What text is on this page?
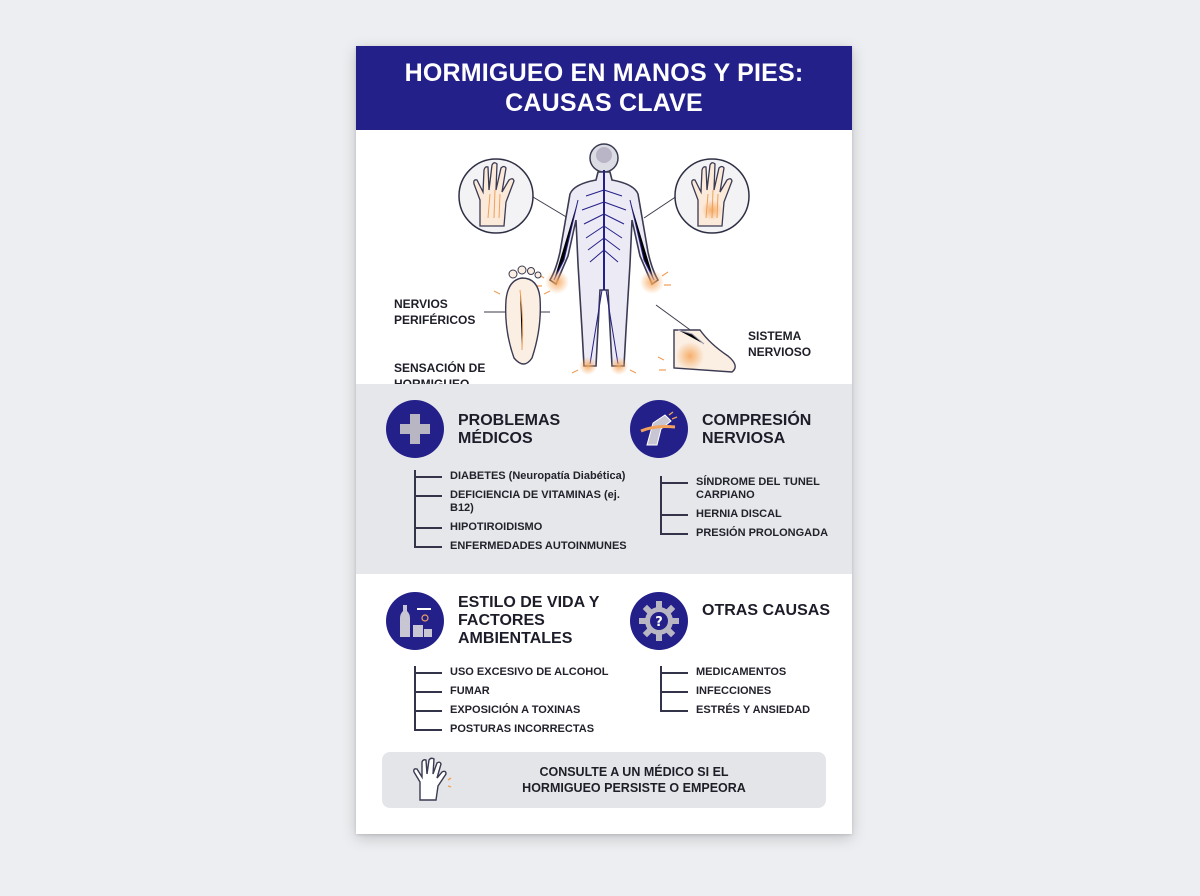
HORMIGUEO EN MANOS Y PIES:
CAUSAS CLAVE
NERVIOS PERIFÉRICOS
SISTEMA NERVIOSO
SENSACIÓN DE
PROBLEMAS MÉDICOS
DIABETES (Neuropatía Diabética)
DEFICIENCIA DE VITAMINAS (ej. B12)
HIPOTIROIDISMO
ENFERMEDADES AUTOINMUNES
COMPRESIÓN NERVIOSA
SÍNDROME DEL TUNEL CARPIANO
HERNIA DISCAL
PRESIÓN PROLONGADA
ESTILO DE VIDA Y FACTORES AMBIENTALES
USO EXCESIVO DE ALCOHOL
FUMAR
EXPOSICIÓN A TOXINAS
POSTURAS INCORRECTAS
?
OTRAS CAUSAS
MEDICAMENTOS
INFECCIONES
ESTRÉS Y ANSIEDAD
CONSULTE A UN MÉDICO SI EL
HORMIGUEO PERSISTE O EMPEORA
